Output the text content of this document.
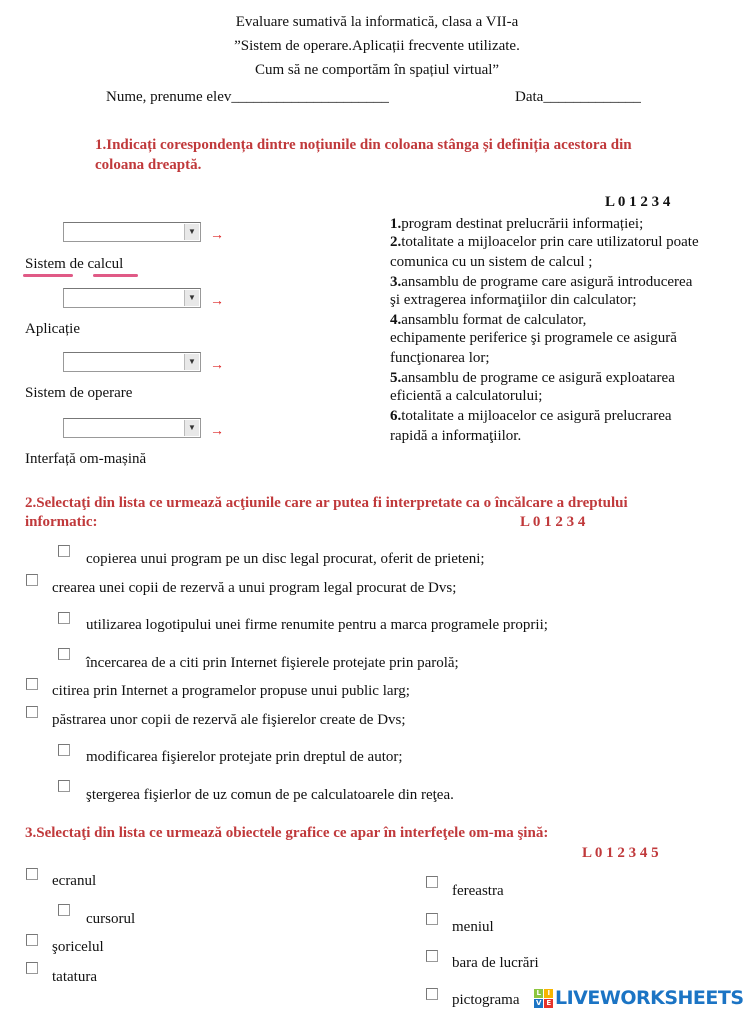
Evaluare sumativă la informatică, clasa a VII-a
”Sistem de operare.Aplicații frecvente utilizate.
Cum să ne comportăm în spațiul virtual”
Nume, prenume elev_____________________	Data_____________
1.Indicați corespondența dintre noțiunile din coloana stânga și definiția acestora din
coloana dreaptă.
L 0 1 2 3 4
▼ →
Sistem de calcul
▼ →
Aplicație
▼ →
Sistem de operare
▼ →
Interfață om-mașină
1.program destinat prelucrării informației;
2.totalitate a mijloacelor prin care utilizatorul poate
comunica cu un sistem de calcul ;
3.ansamblu de programe care asigură introducerea
şi extragerea informaţiilor din calculator;
4.ansamblu format de calculator,
echipamente periferice şi programele ce asigură
funcţionarea lor;
5.ansamblu de programe ce asigură exploatarea
eficientă a calculatorului;
6.totalitate a mijloacelor ce asigură prelucrarea
rapidă a informaţiilor.
2.Selectaţi din lista ce urmează acţiunile care ar putea fi interpretate ca o încălcare a dreptului
informatic:	L 0 1 2 3 4
copierea unui program pe un disc legal procurat, oferit de prieteni;
crearea unei copii de rezervă a unui program legal procurat de Dvs;
utilizarea logotipului unei firme renumite pentru a marca programele proprii;
încercarea de a citi prin Internet fişierele protejate prin parolă;
citirea prin Internet a programelor propuse unui public larg;
păstrarea unor copii de rezervă ale fişierelor create de Dvs;
modificarea fişierelor protejate prin dreptul de autor;
ştergerea fişierlor de uz comun de pe calculatoarele din reţea.
3.Selectaţi din lista ce urmează obiectele grafice ce apar în interfeţele om-ma şină:
L 0 1 2 3 4 5
ecranul
cursorul
şoricelul
tatatura
fereastra
meniul
bara de lucrări
pictograma	L I
V E LIVEWORKSHEETS
